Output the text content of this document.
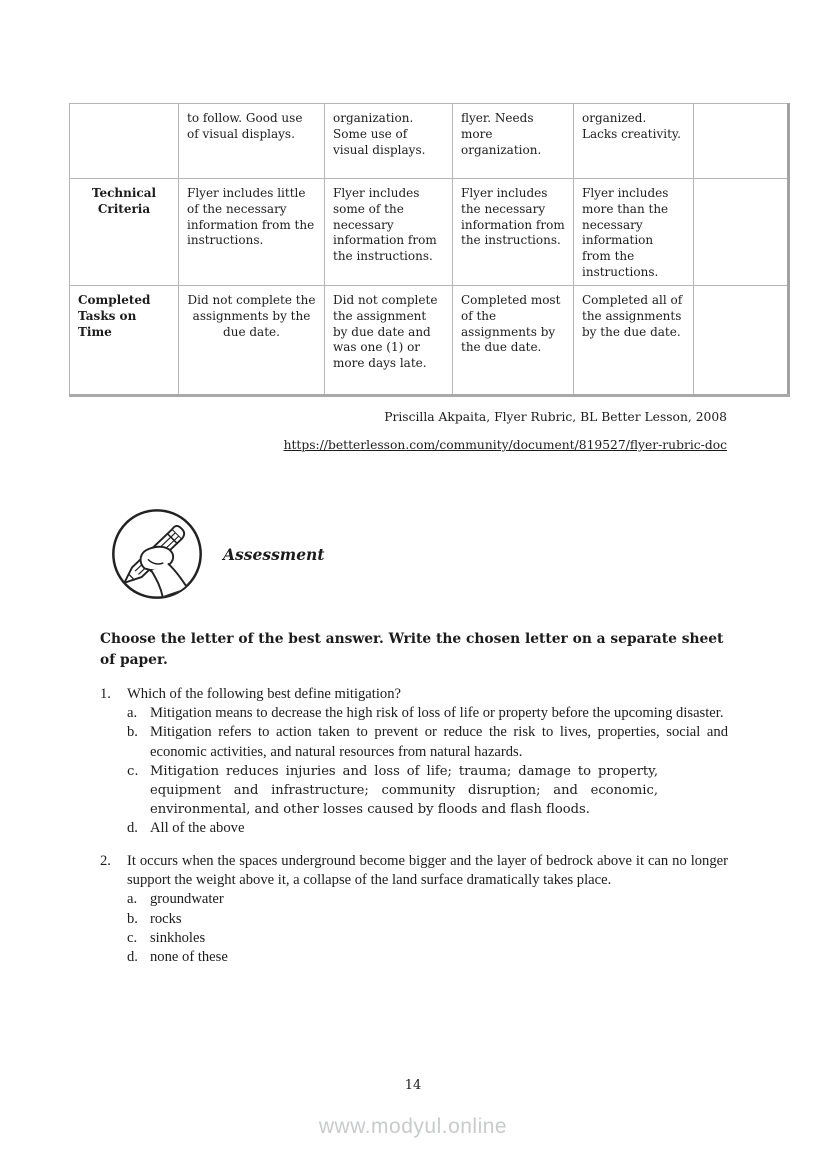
	to follow. Good use of visual displays.	organization. Some use of visual displays.	flyer. Needs more organization.	organized. Lacks creativity.	
Technical Criteria	Flyer includes little of the necessary information from the instructions.	Flyer includes some of the necessary information from the instructions.	Flyer includes the necessary information from the instructions.	Flyer includes more than the necessary information from the instructions.	
Completed Tasks on Time	Did not complete the assignments by the due date.	Did not complete the assignment by due date and was one (1) or more days late.	Completed most of the assignments by the due date.	Completed all of the assignments by the due date.	
Priscilla Akpaita, Flyer Rubric, BL Better Lesson, 2008
https://betterlesson.com/community/document/819527/flyer-rubric-doc
Assessment
Choose the letter of the best answer. Write the chosen letter on a separate sheet of paper.
1.	Which of the following best define mitigation?
a. Mitigation means to decrease the high risk of loss of life or property before the upcoming disaster.
b. Mitigation refers to action taken to prevent or reduce the risk to lives, properties, social and economic activities, and natural resources from natural hazards.
c. Mitigation reduces injuries and loss of life; trauma; damage to property, equipment and infrastructure; community disruption; and economic, environmental, and other losses caused by floods and flash floods.
d. All of the above
2.	It occurs when the spaces underground become bigger and the layer of bedrock above it can no longer support the weight above it, a collapse of the land surface dramatically takes place.
a. groundwater
b. rocks
c. sinkholes
d. none of these
14
www.modyul.online
